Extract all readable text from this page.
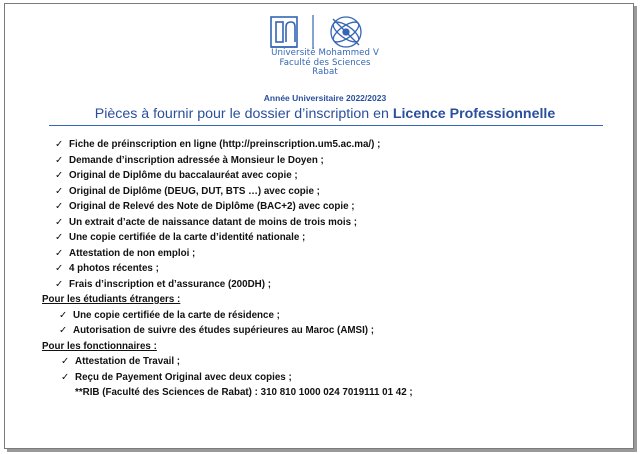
Université Mohammed V
Faculté des Sciences
Rabat
Année Universitaire 2022/2023
Pièces à fournir pour le dossier d’inscription en Licence Professionnelle
✓ Fiche de préinscription en ligne (http://preinscription.um5.ac.ma/) ;
✓ Demande d’inscription adressée à Monsieur le Doyen ;
✓ Original de Diplôme du baccalauréat avec copie ;
✓ Original de Diplôme (DEUG, DUT, BTS …) avec copie ;
✓ Original de Relevé des Note de Diplôme (BAC+2) avec copie ;
✓ Un extrait d’acte de naissance datant de moins de trois mois ;
✓ Une copie certifiée de la carte d’identité nationale ;
✓ Attestation de non emploi ;
✓ 4 photos récentes ;
✓ Frais d’inscription et d’assurance (200DH) ;
Pour les étudiants étrangers :
✓ Une copie certifiée de la carte de résidence ;
✓ Autorisation de suivre des études supérieures au Maroc (AMSI) ;
Pour les fonctionnaires :
✓ Attestation de Travail ;
✓ Reçu de Payement Original avec deux copies ;
**RIB (Faculté des Sciences de Rabat) : 310 810 1000 024 7019111 01 42 ;
